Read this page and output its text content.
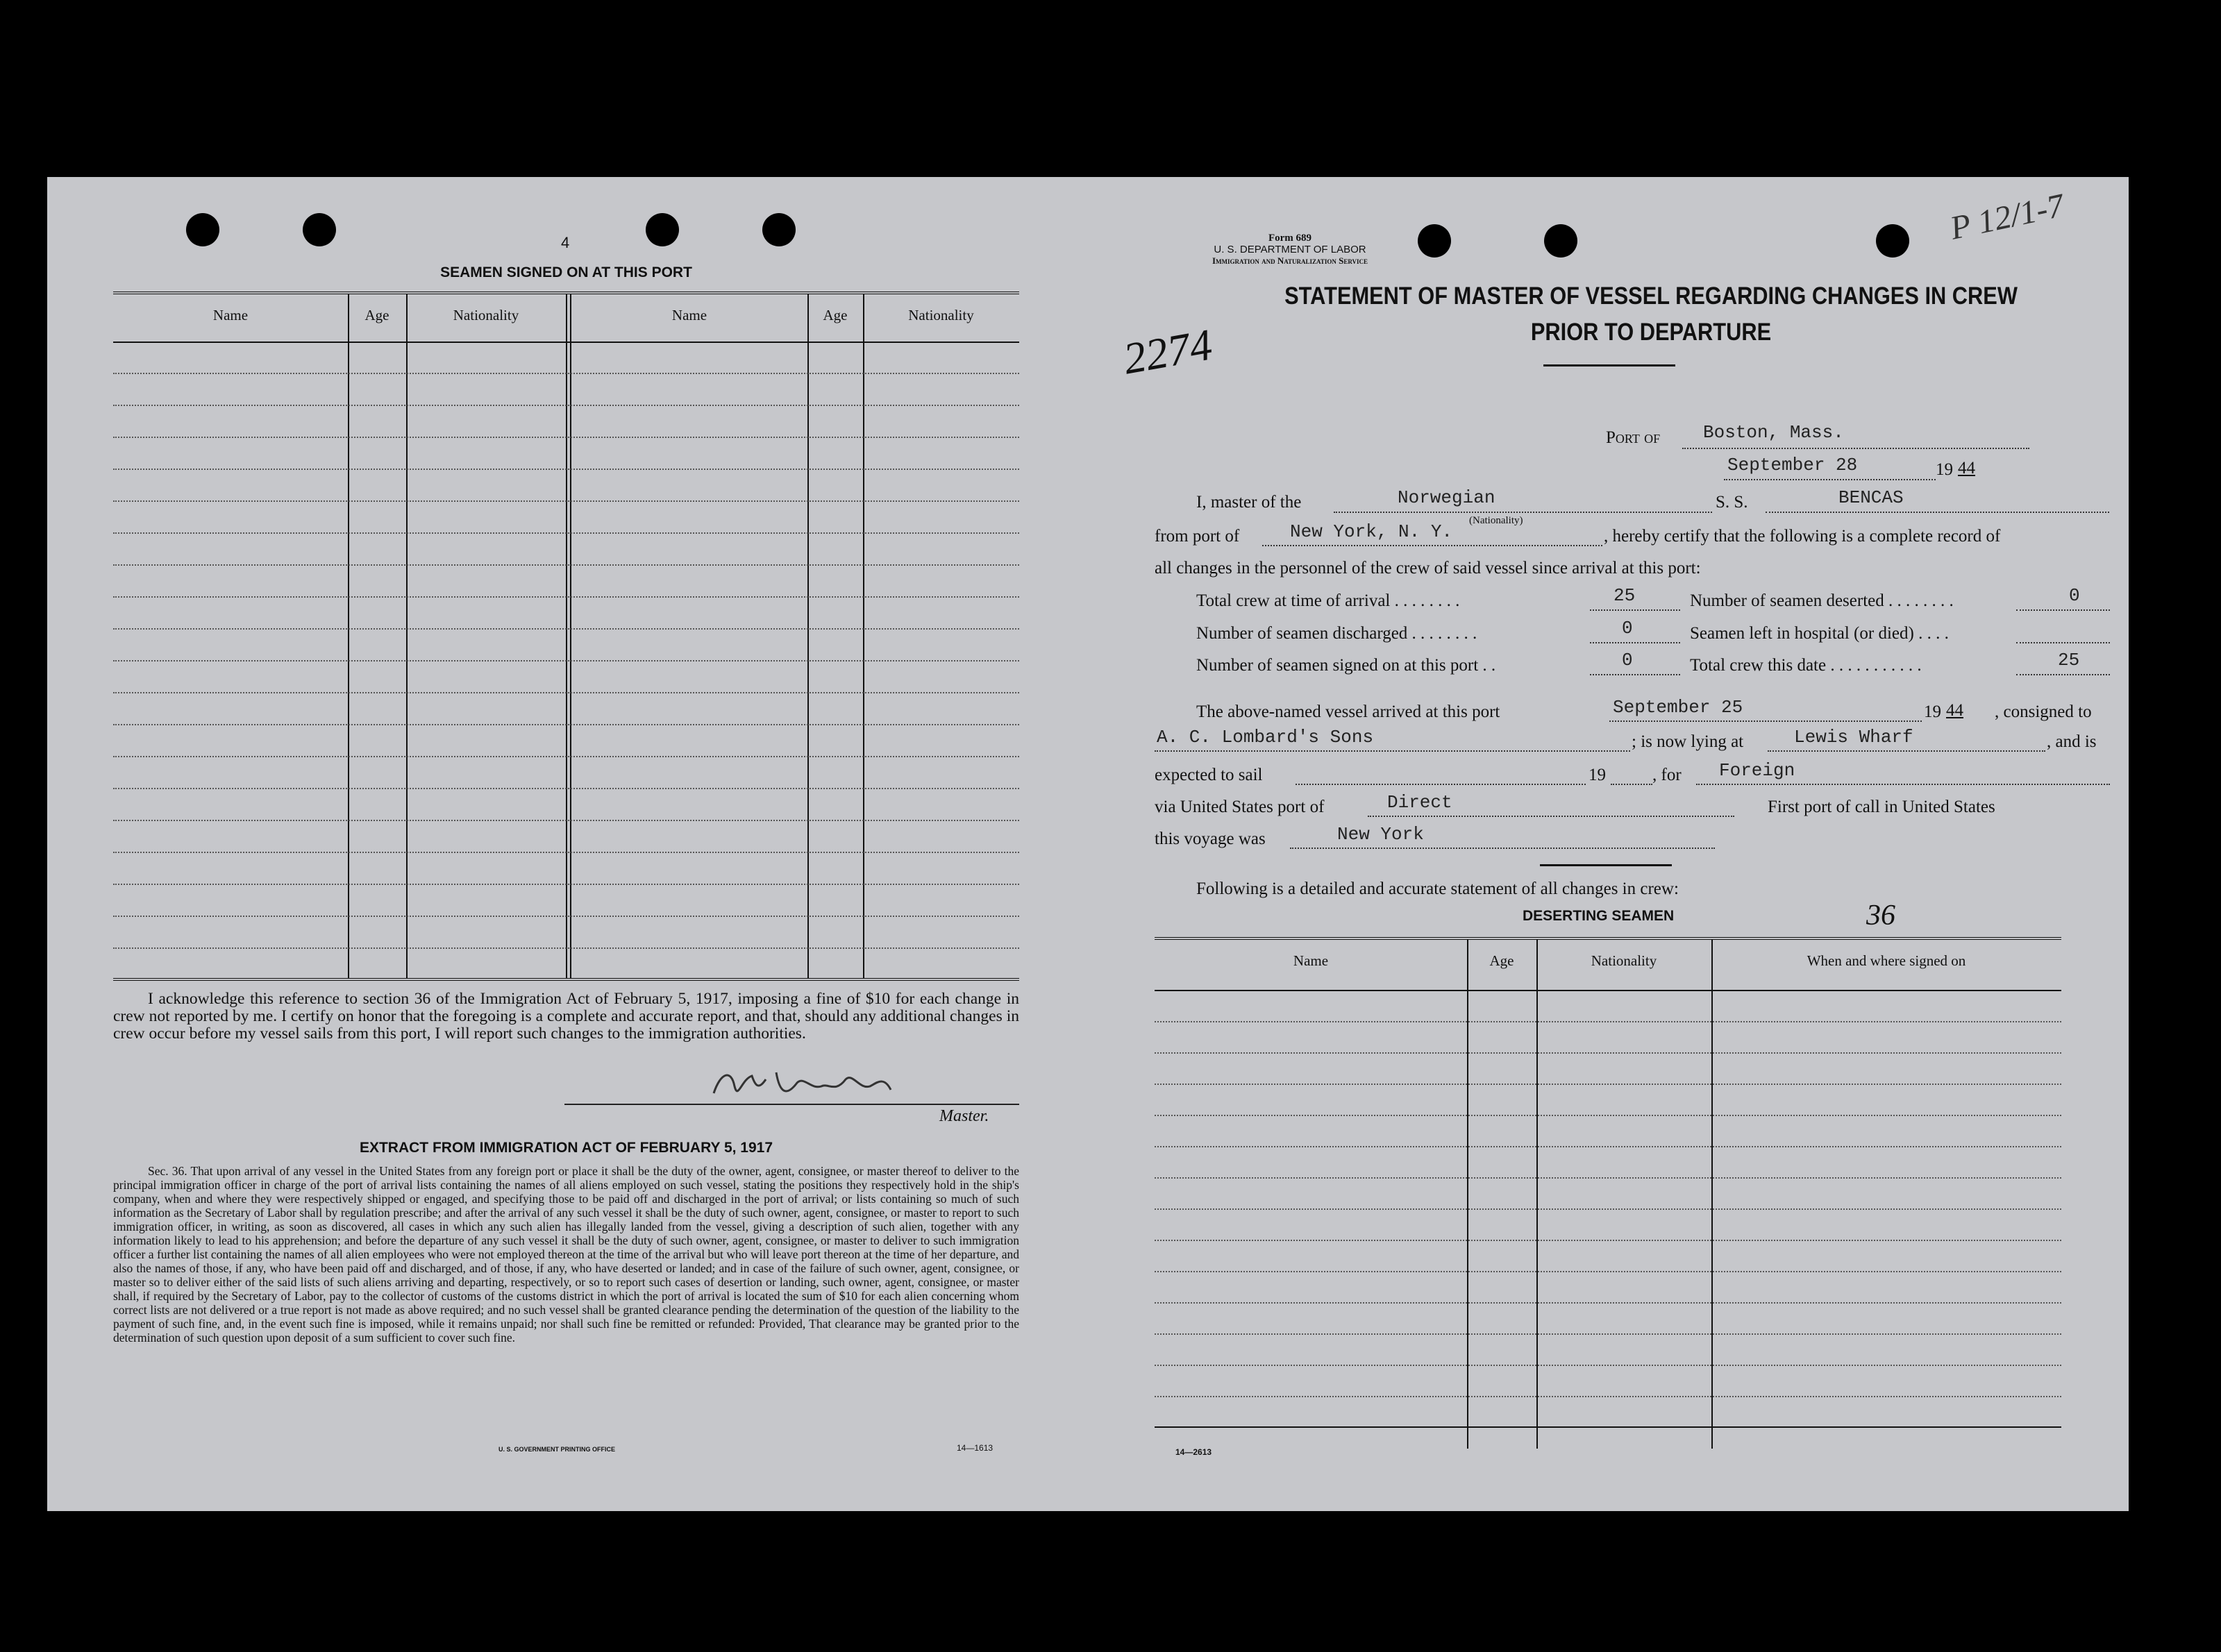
4
SEAMEN SIGNED ON AT THIS PORT
Name	Age	Nationality	Name	Age	Nationality
I acknowledge this reference to section 36 of the Immigration Act of February 5, 1917, imposing a fine of $10 for each change in crew not reported by me. I certify on honor that the foregoing is a complete and accurate report, and that, should any additional changes in crew occur before my vessel sails from this port, I will report such changes to the immigration authorities.
Master.
EXTRACT FROM IMMIGRATION ACT OF FEBRUARY 5, 1917
Sec. 36. That upon arrival of any vessel in the United States from any foreign port or place it shall be the duty of the owner, agent, consignee, or master thereof to deliver to the principal immigration officer in charge of the port of arrival lists containing the names of all aliens employed on such vessel, stating the positions they respectively hold in the ship's company, when and where they were respectively shipped or engaged, and specifying those to be paid off and discharged in the port of arrival; or lists containing so much of such information as the Secretary of Labor shall by regulation prescribe; and after the arrival of any such vessel it shall be the duty of such owner, agent, consignee, or master to report to such immigration officer, in writing, as soon as discovered, all cases in which any such alien has illegally landed from the vessel, giving a description of such alien, together with any information likely to lead to his apprehension; and before the departure of any such vessel it shall be the duty of such owner, agent, consignee, or master to deliver to such immigration officer a further list containing the names of all alien employees who were not employed thereon at the time of the arrival but who will leave port thereon at the time of her departure, and also the names of those, if any, who have been paid off and discharged, and of those, if any, who have deserted or landed; and in case of the failure of such owner, agent, consignee, or master so to deliver either of the said lists of such aliens arriving and departing, respectively, or so to report such cases of desertion or landing, such owner, agent, consignee, or master shall, if required by the Secretary of Labor, pay to the collector of customs of the customs district in which the port of arrival is located the sum of $10 for each alien concerning whom correct lists are not delivered or a true report is not made as above required; and no such vessel shall be granted clearance pending the determination of the question of the liability to the payment of such fine, and, in the event such fine is imposed, while it remains unpaid; nor shall such fine be remitted or refunded: Provided, That clearance may be granted prior to the determination of such question upon deposit of a sum sufficient to cover such fine.
U. S. GOVERNMENT PRINTING OFFICE	14—1613
Form 689
U. S. DEPARTMENT OF LABOR
Immigration and Naturalization Service
2274
P 12/1-7
STATEMENT OF MASTER OF VESSEL REGARDING CHANGES IN CREW
PRIOR TO DEPARTURE
Port of Boston, Mass.
September 28	19 44
I, master of the	Norwegian
(Nationality)
S. S.	BENCAS
from port of	New York, N. Y.	, hereby certify that the following is a complete record of
all changes in the personnel of the crew of said vessel since arrival at this port:
Total crew at time of arrival . . . . . . . .	25	Number of seamen deserted . . . . . . . .	0
Number of seamen discharged . . . . . . . .	0	Seamen left in hospital (or died) . . . .
Number of seamen signed on at this port . .	0	Total crew this date . . . . . . . . . . .	25
The above-named vessel arrived at this port	September 25	19 44 , consigned to
A. C. Lombard's Sons	; is now lying at	Lewis Wharf	, and is
expected to sail	19	, for Foreign
via United States port of	Direct	First port of call in United States
this voyage was	New York
Following is a detailed and accurate statement of all changes in crew:
DESERTING SEAMEN	36
Name	Age	Nationality	When and where signed on
14—2613
